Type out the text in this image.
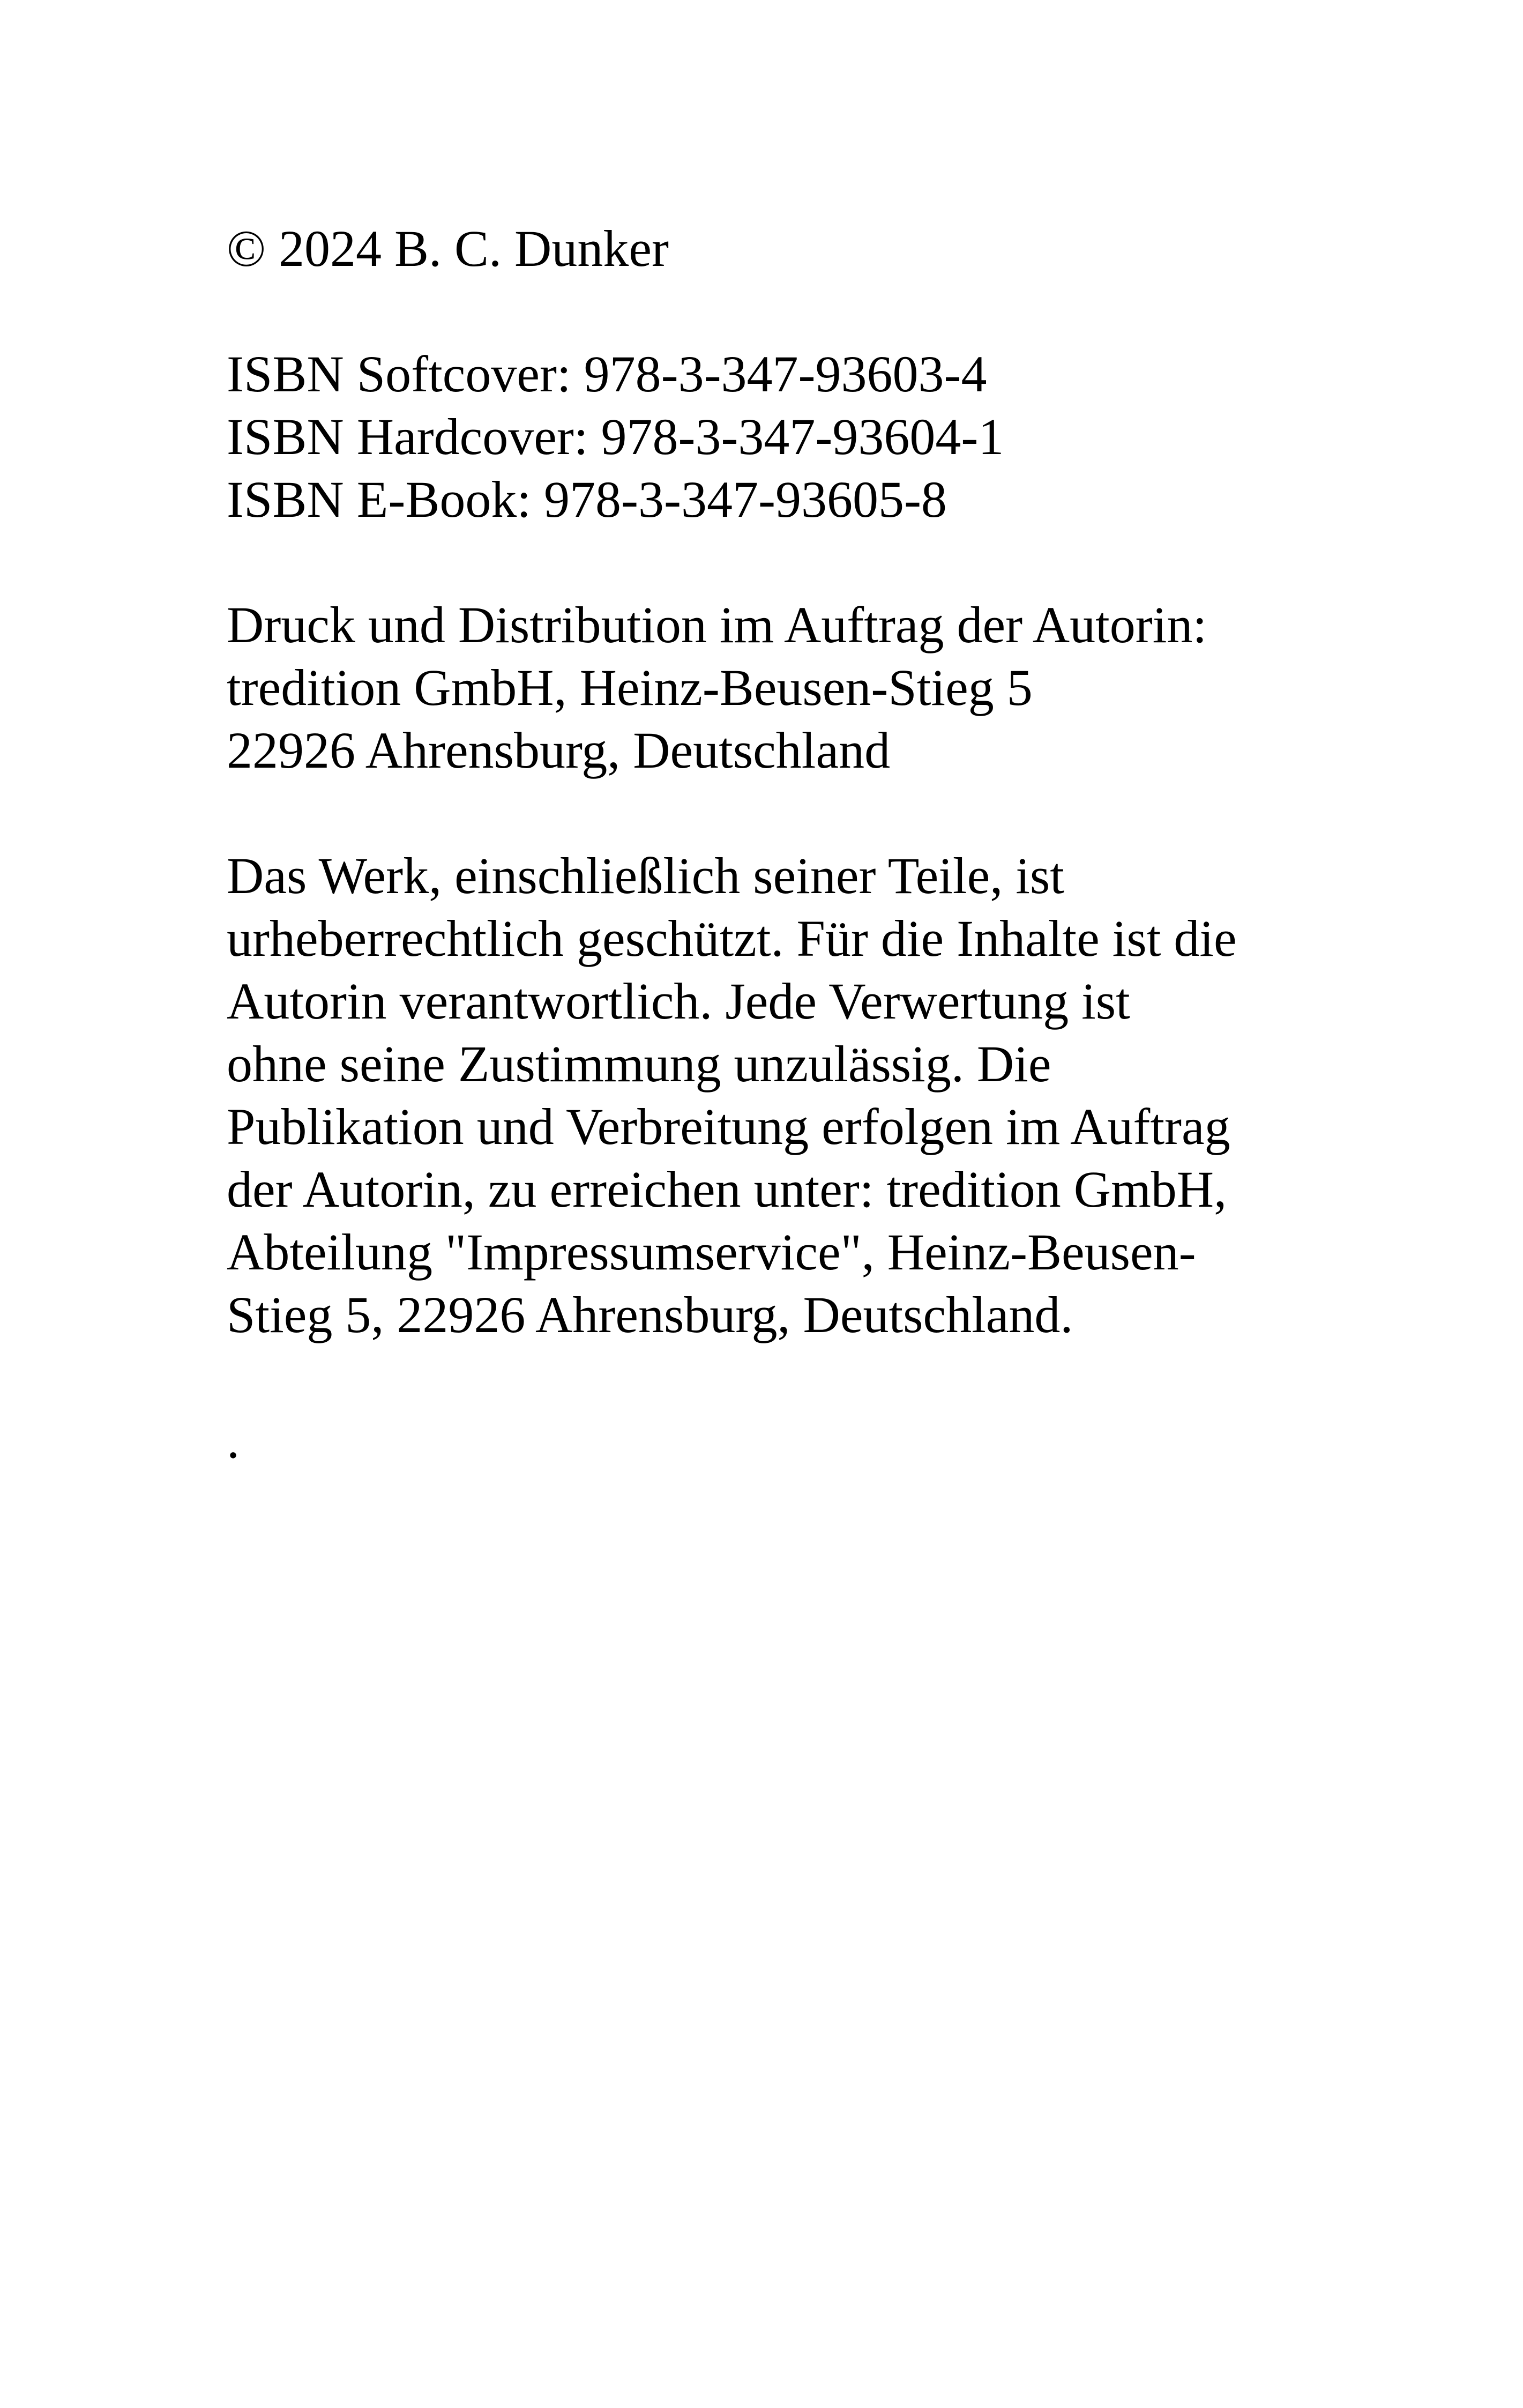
© 2024 B. C. Dunker
ISBN Softcover: 978-3-347-93603-4
ISBN Hardcover: 978-3-347-93604-1
ISBN E-Book: 978-3-347-93605-8
Druck und Distribution im Auftrag der Autorin:
tredition GmbH, Heinz-Beusen-Stieg 5
22926 Ahrensburg, Deutschland
Das Werk, einschließlich seiner Teile, ist
urheberrechtlich geschützt. Für die Inhalte ist die
Autorin verantwortlich. Jede Verwertung ist
ohne seine Zustimmung unzulässig. Die
Publikation und Verbreitung erfolgen im Auftrag
der Autorin, zu erreichen unter: tredition GmbH,
Abteilung "Impressumservice", Heinz-Beusen-
Stieg 5, 22926 Ahrensburg, Deutschland.
.
